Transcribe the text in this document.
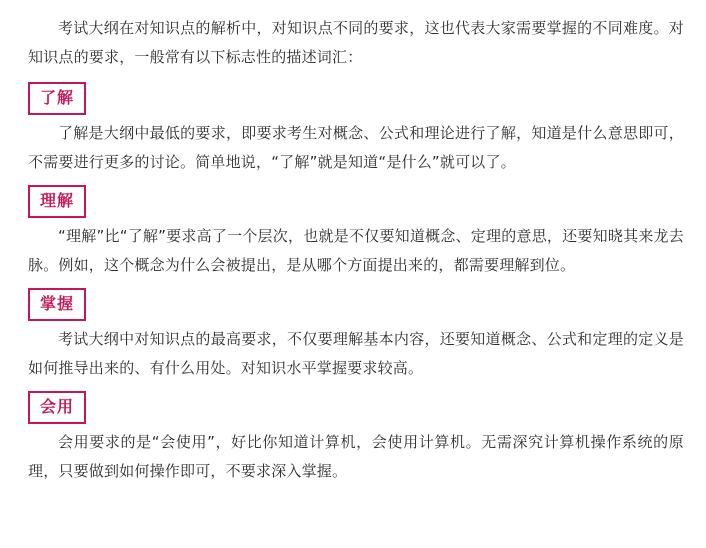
考试大纲在对知识点的解析中，对知识点不同的要求，这也代表大家需要掌握的不同难度。对知识点的要求，一般常有以下标志性的描述词汇：

了解

了解是大纲中最低的要求，即要求考生对概念、公式和理论进行了解，知道是什么意思即可，不需要进行更多的讨论。简单地说，“了解”就是知道“是什么”就可以了。

理解

“理解”比“了解”要求高了一个层次，也就是不仅要知道概念、定理的意思，还要知晓其来龙去脉。例如，这个概念为什么会被提出，是从哪个方面提出来的，都需要理解到位。

掌握

考试大纲中对知识点的最高要求，不仅要理解基本内容，还要知道概念、公式和定理的定义是如何推导出来的、有什么用处。对知识水平掌握要求较高。

会用

会用要求的是“会使用”，好比你知道计算机，会使用计算机。无需深究计算机操作系统的原理，只要做到如何操作即可，不要求深入掌握。
